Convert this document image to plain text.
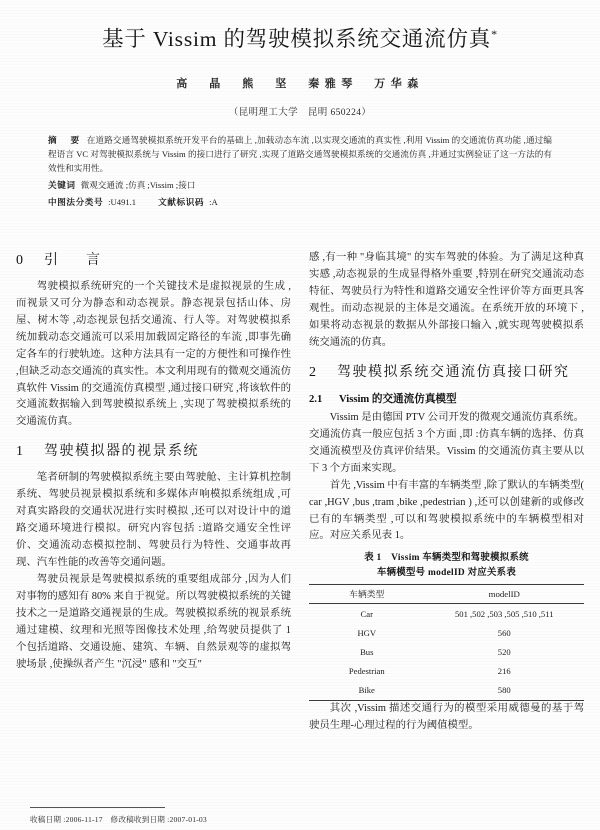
基于 Vissim 的驾驶模拟系统交通流仿真*
高　晶　熊　坚　秦雅琴　万华森
（昆明理工大学　昆明 650224）
摘　要 在道路交通驾驶模拟系统开发平台的基础上 ,加载动态车流 ,以实现交通流的真实性 ,利用 Vissim 的交通流仿真功能 ,通过编程语言 VC 对驾驶模拟系统与 Vissim 的接口进行了研究 ,实现了道路交通驾驶模拟系统的交通流仿真 ,并通过实例验证了这一方法的有效性和实用性。
关键词 微观交通流 ;仿真 ;Vissim ;接口
中图法分类号 :U491.1	文献标识码 :A
0 引　言

驾驶模拟系统研究的一个关键技术是虚拟视景的生成 ,而视景又可分为静态和动态视景。静态视景包括山体、房屋、树木等 ,动态视景包括交通流、行人等。对驾驶模拟系统加载动态交通流可以采用加载固定路径的车流 ,即事先确定各车的行驶轨迹。这种方法具有一定的方便性和可操作性 ,但缺乏动态交通流的真实性。本文利用现有的微观交通流仿真软件 Vissim 的交通流仿真模型 ,通过接口研究 ,将该软件的交通流数据输入到驾驶模拟系统上 ,实现了驾驶模拟系统的交通流仿真。

1 驾驶模拟器的视景系统

笔者研制的驾驶模拟系统主要由驾驶舱、主计算机控制系统、驾驶员视景模拟系统和多媒体声响模拟系统组成 ,可对真实路段的交通状况进行实时模拟 ,还可以对设计中的道路交通环境进行模拟。研究内容包括 :道路交通安全性评价、交通流动态模拟控制、驾驶员行为特性、交通事故再现、汽车性能的改善等交通问题。

驾驶员视景是驾驶模拟系统的重要组成部分 ,因为人们对事物的感知有 80% 来自于视觉。所以驾驶模拟系统的关键技术之一是道路交通视景的生成。驾驶模拟系统的视景系统通过建模、纹理和光照等图像技术处理 ,给驾驶员提供了 1 个包括道路、交通设施、建筑、车辆、自然景观等的虚拟驾驶场景 ,使操纵者产生 "沉浸" 感和 "交互"

感 ,有一种 "身临其境" 的实车驾驶的体验。为了满足这种真实感 ,动态视景的生成显得格外重要 ,特别在研究交通流动态特征、驾驶员行为特性和道路交通安全性评价等方面更具客观性。而动态视景的主体是交通流。在系统开放的环境下 ,如果将动态视景的数据从外部接口输入 ,就实现驾驶模拟系统交通流的仿真。

2 驾驶模拟系统交通流仿真接口研究
2.1 Vissim 的交通流仿真模型

Vissim 是由德国 PTV 公司开发的微观交通流仿真系统。交通流仿真一般应包括 3 个方面 ,即 :仿真车辆的选择、仿真交通流模型及仿真评价结果。Vissim 的交通流仿真主要从以下 3 个方面来实现。

首先 ,Vissim 中有丰富的车辆类型 ,除了默认的车辆类型( car ,HGV ,bus ,tram ,bike ,pedestrian ) ,还可以创建新的或修改已有的车辆类型 ,可以和驾驶模拟系统中的车辆模型相对应。对应关系见表 1。

表 1　Vissim 车辆类型和驾驶模拟系统
车辆模型号 modelID 对应关系表
车辆类型	modelID
Car	501 ,502 ,503 ,505 ,510 ,511
HGV	560
Bus	520
Pedestrian	216
Bike	580

其次 ,Vissim 描述交通行为的模型采用威德曼的基于驾驶员生理-心理过程的行为阈值模型。

收稿日期 :2006-11-17　修改稿收到日期 :2007-01-03
